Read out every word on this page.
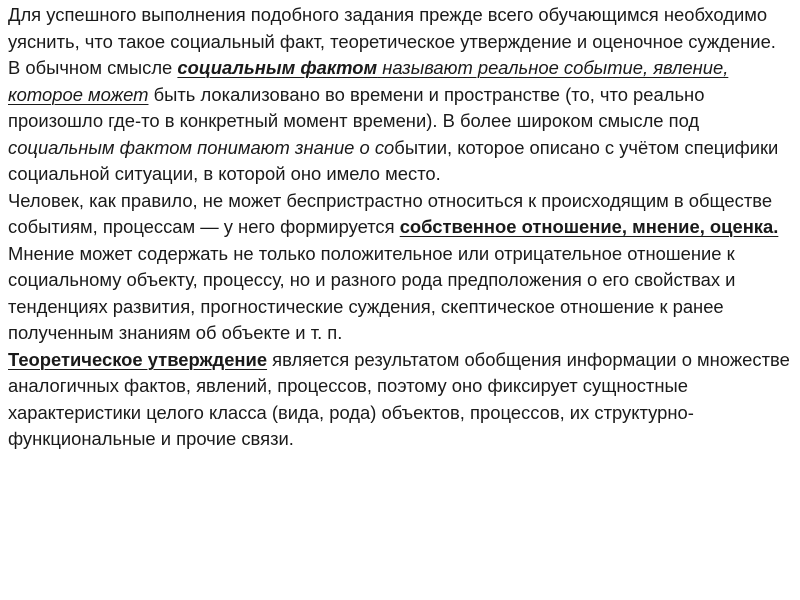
Для успешного выполнения подобного задания прежде всего обучающимся необходимо уяснить, что такое социальный факт, теоретическое утверждение и оценочное суждение.

В обычном смысле социальным фактом называют реальное событие, явление, которое может быть локализовано во времени и пространстве (то, что реально произошло где-то в конкретный момент времени). В более широком смысле под социальным фактом понимают знание о событии, которое описано с учётом специфики социальной ситуации, в которой оно имело место.

Человек, как правило, не может беспристрастно относиться к происходящим в обществе событиям, процессам — у него формируется собственное отношение, мнение, оценка. Мнение может содержать не только положительное или отрицательное отношение к социальному объекту, процессу, но и разного рода предположения о его свойствах и тенденциях развития, прогностические суждения, скептическое отношение к ранее полученным знаниям об объекте и т. п.

Теоретическое утверждение является результатом обобщения информации о множестве аналогичных фактов, явлений, процессов, поэтому оно фиксирует сущностные характеристики целого класса (вида, рода) объектов, процессов, их структурно-функциональные и прочие связи.
